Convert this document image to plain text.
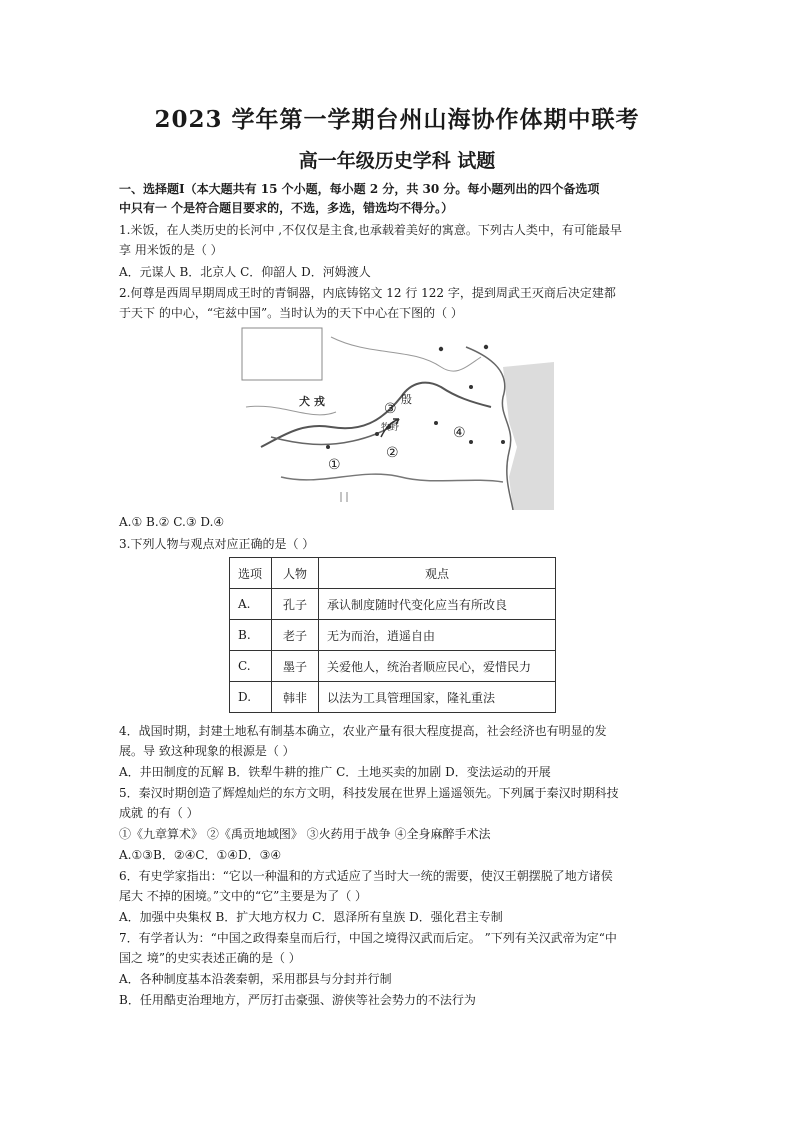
2023 学年第一学期台州山海协作体期中联考
高一年级历史学科 试题
一、选择题Ⅰ（本大题共有 15 个小题，每小题 2 分，共 30 分。每小题列出的四个备选项
中只有一 个是符合题目要求的，不选，多选，错选均不得分。）
1.米饭，在人类历史的长河中 ,不仅仅是主食,也承载着美好的寓意。下列古人类中，有可能最早
享 用米饭的是（ ）
A．元谋人 B．北京人 C．仰韶人 D．河姆渡人
2.何尊是西周早期周成王时的青铜器，内底铸铭文 12 行 122 字，提到周武王灭商后决定建都
于天下 的中心，“宅兹中国”。当时认为的天下中心在下图的（ ）
犬 戎	殷
牧野
③
①
②
④
A.① B.② C.③ D.④
3.下列人物与观点对应正确的是（ ）
选项	人物	观点
A.	孔子	承认制度随时代变化应当有所改良
B.	老子	无为而治，逍遥自由
C.	墨子	关爱他人，统治者顺应民心，爱惜民力
D.	韩非	以法为工具管理国家，隆礼重法
4．战国时期，封建土地私有制基本确立，农业产量有很大程度提高，社会经济也有明显的发
展。导 致这种现象的根源是（ ）
A．井田制度的瓦解 B．铁犁牛耕的推广 C．土地买卖的加剧 D．变法运动的开展
5．秦汉时期创造了辉煌灿烂的东方文明，科技发展在世界上遥遥领先。下列属于秦汉时期科技
成就 的有（ ）
①《九章算术》 ②《禹贡地域图》 ③火药用于战争 ④全身麻醉手术法
A.①③B．②④C．①④D．③④
6．有史学家指出：“它以一种温和的方式适应了当时大一统的需要，使汉王朝摆脱了地方诸侯
尾大 不掉的困境。”文中的“它”主要是为了（ ）
A．加强中央集权 B．扩大地方权力 C．恩泽所有皇族 D．强化君主专制
7．有学者认为：“中国之政得秦皇而后行，中国之境得汉武而后定。 ”下列有关汉武帝为定“中
国之 境”的史实表述正确的是（ ）
A．各种制度基本沿袭秦朝，采用郡县与分封并行制
B．任用酷吏治理地方，严厉打击豪强、游侠等社会势力的不法行为
